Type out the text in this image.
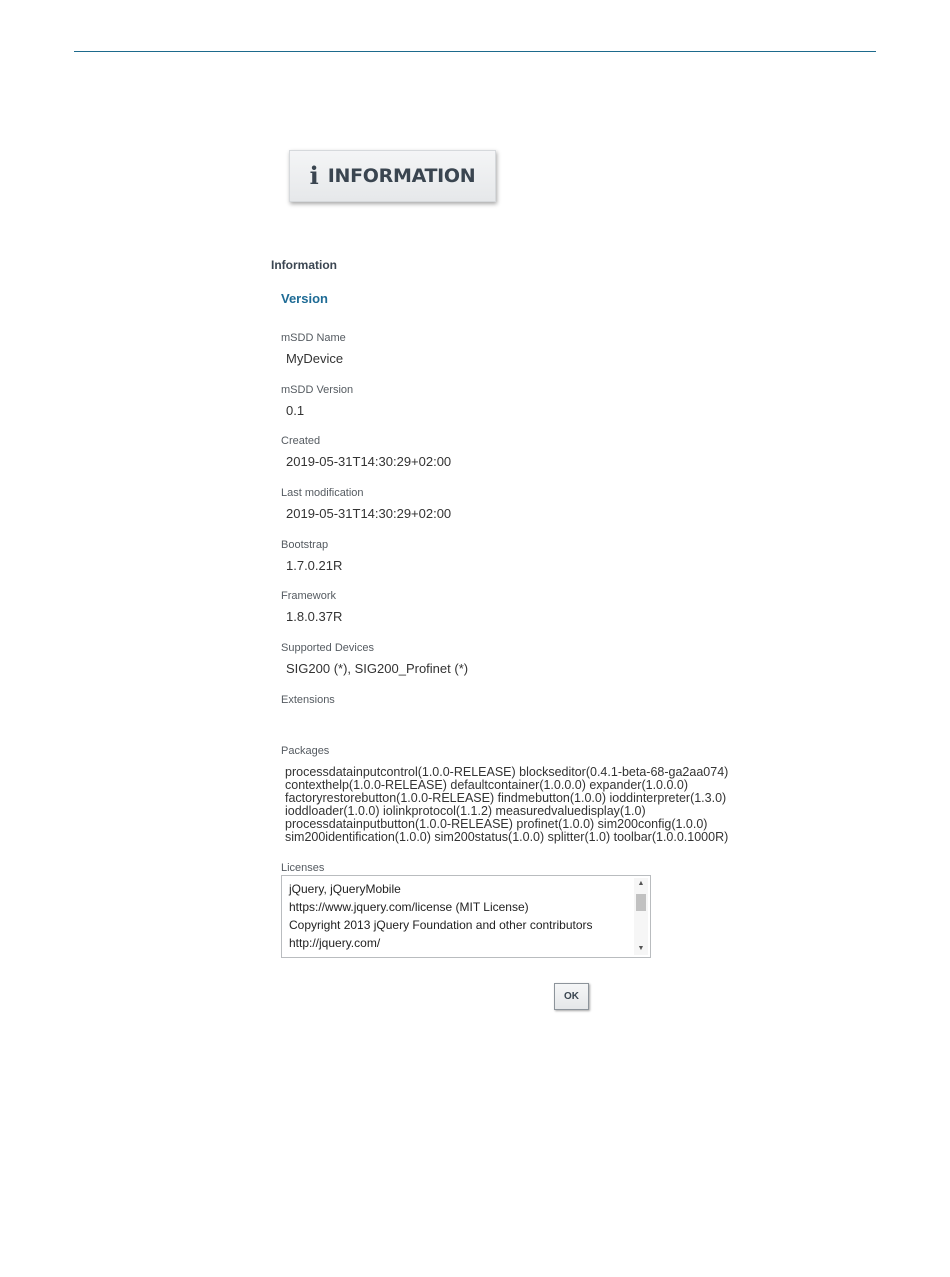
i INFORMATION
Information
Version
mSDD Name
MyDevice
mSDD Version
0.1
Created
2019-05-31T14:30:29+02:00
Last modification
2019-05-31T14:30:29+02:00
Bootstrap
1.7.0.21R
Framework
1.8.0.37R
Supported Devices
SIG200 (*), SIG200_Profinet (*)
Extensions
Packages
processdatainputcontrol(1.0.0-RELEASE) blockseditor(0.4.1-beta-68-ga2aa074)
contexthelp(1.0.0-RELEASE) defaultcontainer(1.0.0.0) expander(1.0.0.0)
factoryrestorebutton(1.0.0-RELEASE) findmebutton(1.0.0) ioddinterpreter(1.3.0)
ioddloader(1.0.0) iolinkprotocol(1.1.2) measuredvaluedisplay(1.0)
processdatainputbutton(1.0.0-RELEASE) profinet(1.0.0) sim200config(1.0.0)
sim200identification(1.0.0) sim200status(1.0.0) splitter(1.0) toolbar(1.0.0.1000R)
Licenses
jQuery, jQueryMobile
https://www.jquery.com/license (MIT License)
Copyright 2013 jQuery Foundation and other contributors
http://jquery.com/
▲
▼
OK
